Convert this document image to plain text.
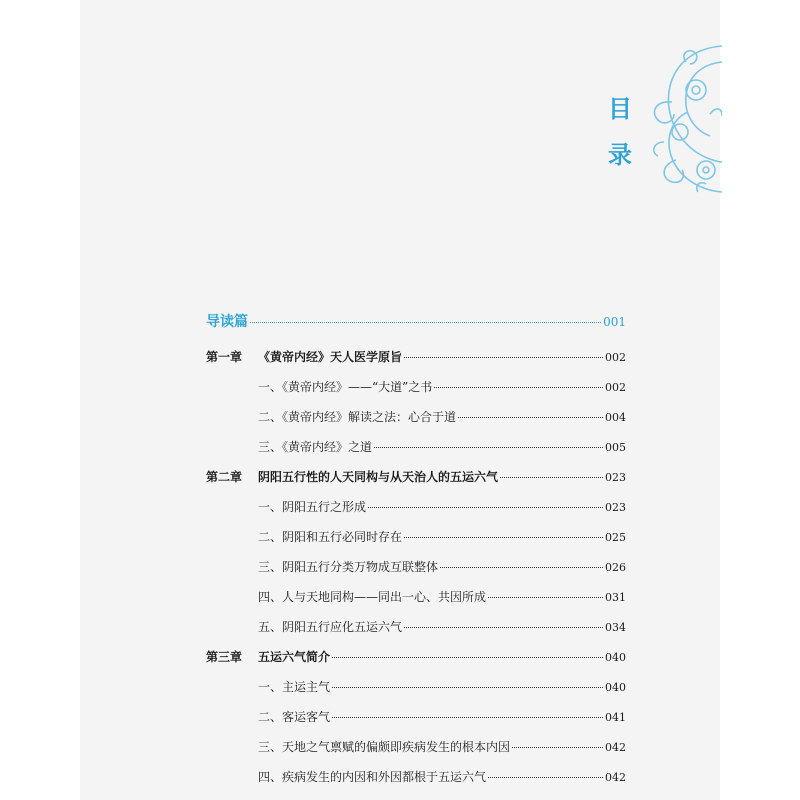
目
录
导读篇	001
第一章	《黄帝内经》天人医学原旨	002
一、《黄帝内经》——“大道”之书	002
二、《黄帝内经》解读之法：心合于道	004
三、《黄帝内经》之道	005
第二章	阴阳五行性的人天同构与从天治人的五运六气	023
一、阴阳五行之形成	023
二、阴阳和五行必同时存在	025
三、阴阳五行分类万物成互联整体	026
四、人与天地同构——同出一心、共因所成	031
五、阴阳五行应化五运六气	034
第三章	五运六气简介	040
一、主运主气	040
二、客运客气	041
三、天地之气禀赋的偏颇即疾病发生的根本内因	042
四、疾病发生的内因和外因都根于五运六气	042
